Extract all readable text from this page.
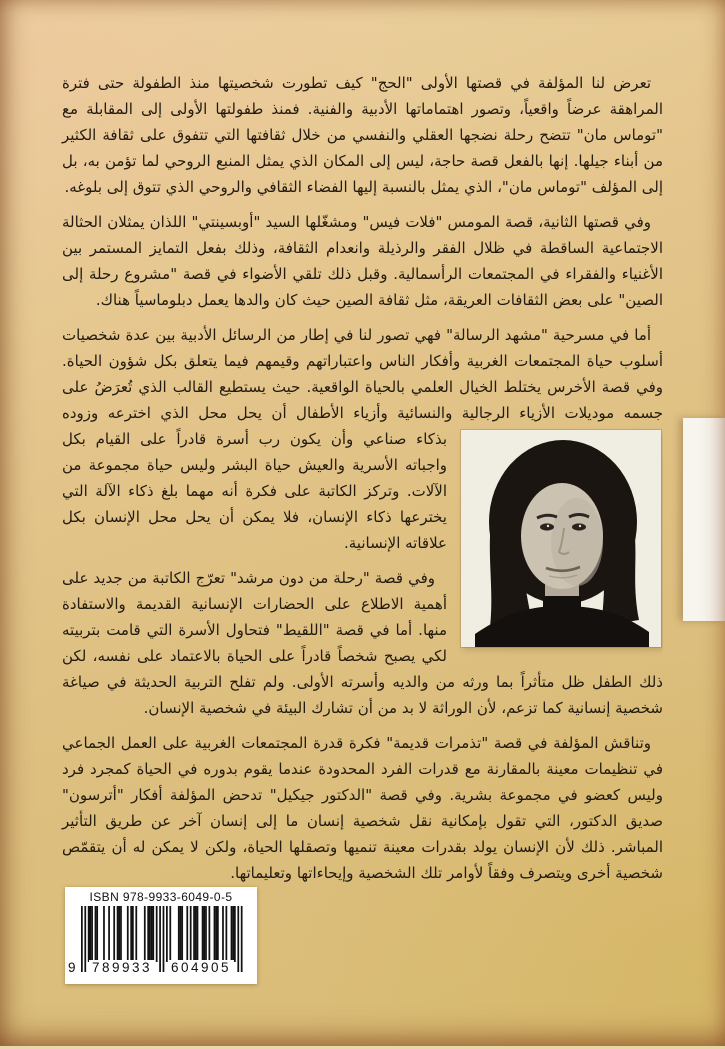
تعرض لنا المؤلفة في قصتها الأولى "الحج" كيف تطورت شخصيتها منذ الطفولة حتى فترة المراهقة عرضاً واقعياً، وتصور اهتماماتها الأدبية والفنية. فمنذ طفولتها الأولى إلى المقابلة مع "توماس مان" تتضح رحلة نضجها العقلي والنفسي من خلال ثقافتها التي تتفوق على ثقافة الكثير من أبناء جيلها. إنها بالفعل قصة حاجة، ليس إلى المكان الذي يمثل المنبع الروحي لما تؤمن به، بل إلى المؤلف "توماس مان"، الذي يمثل بالنسبة إليها الفضاء الثقافي والروحي الذي تتوق إلى بلوغه.

وفي قصتها الثانية، قصة المومس "فلات فيس" ومشغّلها السيد "أوبسينتي" اللذان يمثلان الحثالة الاجتماعية الساقطة في ظلال الفقر والرذيلة وانعدام الثقافة، وذلك بفعل التمايز المستمر بين الأغنياء والفقراء في المجتمعات الرأسمالية. وقبل ذلك تلقي الأضواء في قصة "مشروع رحلة إلى الصين" على بعض الثقافات العريقة، مثل ثقافة الصين حيث كان والدها يعمل دبلوماسياً هناك.

أما في مسرحية "مشهد الرسالة" فهي تصور لنا في إطار من الرسائل الأدبية بين عدة شخصيات أسلوب حياة المجتمعات الغربية وأفكار الناس واعتباراتهم وقيمهم فيما يتعلق بكل شؤون الحياة. وفي قصة الأخرس يختلط الخيال العلمي بالحياة الواقعية. حيث يستطيع القالب الذي تُعرَضُ على جسمه موديلات الأزياء الرجالية والنسائية وأزياء الأطفال أن يحل محل الذي اخترعه وزوده

بذكاء صناعي وأن يكون رب أسرة قادراً على القيام بكل واجباته الأسرية والعيش حياة البشر وليس حياة مجموعة من الآلات. وتركز الكاتبة على فكرة أنه مهما بلغ ذكاء الآلة التي يخترعها ذكاء الإنسان، فلا يمكن أن يحل محل الإنسان بكل علاقاته الإنسانية.

وفي قصة "رحلة من دون مرشد" تعرّج الكاتبة من جديد على أهمية الاطلاع على الحضارات الإنسانية القديمة والاستفادة منها. أما في قصة "اللقيط" فتحاول الأسرة التي قامت بتربيته لكي يصبح شخصاً قادراً على الحياة بالاعتماد على نفسه، لكن ذلك الطفل ظل متأثراً بما ورثه من والديه وأسرته الأولى. ولم تفلح التربية الحديثة في صياغة شخصية إنسانية كما تزعم، لأن الوراثة لا بد من أن تشارك البيئة في شخصية الإنسان.

وتناقش المؤلفة في قصة "تذمرات قديمة" فكرة قدرة المجتمعات الغربية على العمل الجماعي في تنظيمات معينة بالمقارنة مع قدرات الفرد المحدودة عندما يقوم بدوره في الحياة كمجرد فرد وليس كعضو في مجموعة بشرية. وفي قصة "الدكتور جيكيل" تدحض المؤلفة أفكار "أترسون" صديق الدكتور، التي تقول بإمكانية نقل شخصية إنسان ما إلى إنسان آخر عن طريق التأثير المباشر. ذلك لأن الإنسان يولد بقدرات معينة تنميها وتصقلها الحياة، ولكن لا يمكن له أن يتقمّص شخصية أخرى ويتصرف وفقاً لأوامر تلك الشخصية وإيحاءاتها وتعليماتها.

ISBN 978-9933-6049-0-5
9 789933 604905
